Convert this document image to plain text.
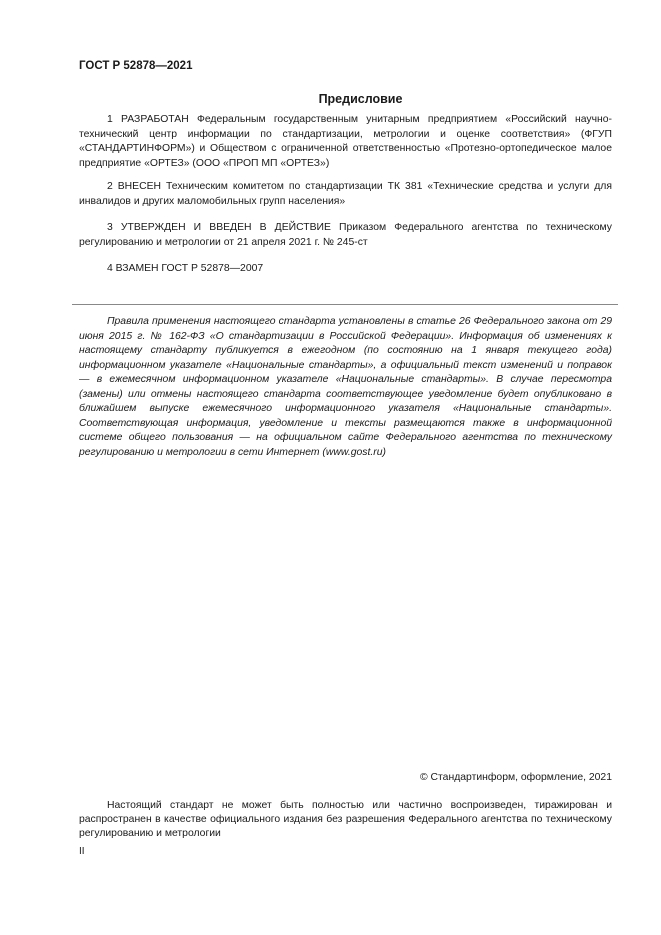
ГОСТ Р 52878—2021
Предисловие
1 РАЗРАБОТАН Федеральным государственным унитарным предприятием «Российский научно-технический центр информации по стандартизации, метрологии и оценке соответствия» (ФГУП «СТАНДАРТИНФОРМ») и Обществом с ограниченной ответственностью «Протезно-ортопедическое малое предприятие «ОРТЕЗ» (ООО «ПРОП МП «ОРТЕЗ»)
2 ВНЕСЕН Техническим комитетом по стандартизации ТК 381 «Технические средства и услуги для инвалидов и других маломобильных групп населения»
3 УТВЕРЖДЕН И ВВЕДЕН В ДЕЙСТВИЕ Приказом Федерального агентства по техническому регулированию и метрологии от 21 апреля 2021 г. № 245-ст
4 ВЗАМЕН ГОСТ Р 52878—2007
Правила применения настоящего стандарта установлены в статье 26 Федерального закона от 29 июня 2015 г. № 162-ФЗ «О стандартизации в Российской Федерации». Информация об изменениях к настоящему стандарту публикуется в ежегодном (по состоянию на 1 января текущего года) информационном указателе «Национальные стандарты», а официальный текст изменений и поправок — в ежемесячном информационном указателе «Национальные стандарты». В случае пересмотра (замены) или отмены настоящего стандарта соответствующее уведомление будет опубликовано в ближайшем выпуске ежемесячного информационного указателя «Национальные стандарты». Соответствующая информация, уведомление и тексты размещаются также в информационной системе общего пользования — на официальном сайте Федерального агентства по техническому регулированию и метрологии в сети Интернет (www.gost.ru)
© Стандартинформ, оформление, 2021
Настоящий стандарт не может быть полностью или частично воспроизведен, тиражирован и распространен в качестве официального издания без разрешения Федерального агентства по техническому регулированию и метрологии
II
